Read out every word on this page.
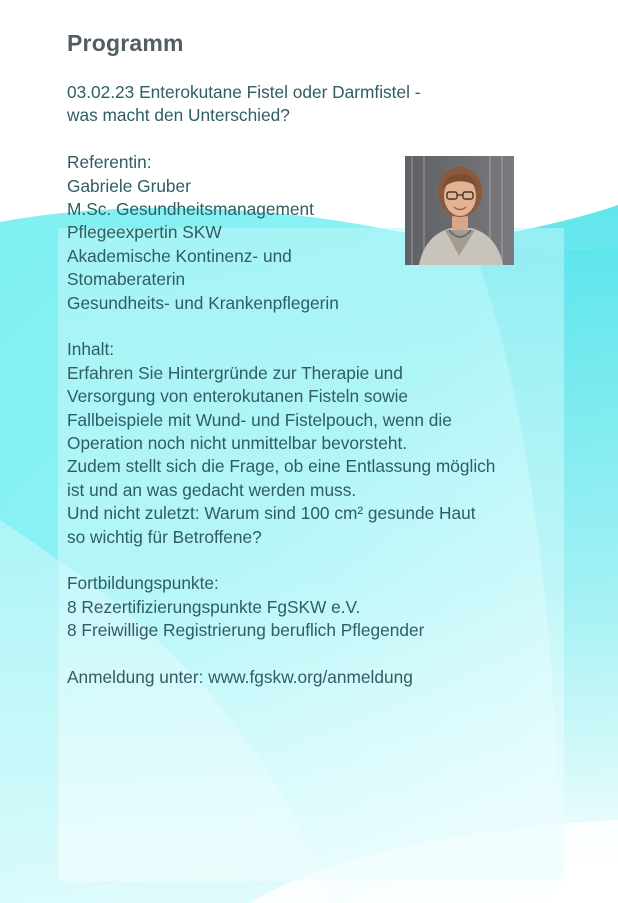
Programm
03.02.23 Enterokutane Fistel oder Darmfistel -
was macht den Unterschied?
Referentin:
Gabriele Gruber
M.Sc. Gesundheitsmanagement
Pflegeexpertin SKW
Akademische Kontinenz- und
Stomaberaterin
Gesundheits- und Krankenpflegerin
Inhalt:
Erfahren Sie Hintergründe zur Therapie und
Versorgung von enterokutanen Fisteln sowie
Fallbeispiele mit Wund- und Fistelpouch, wenn die
Operation noch nicht unmittelbar bevorsteht.
Zudem stellt sich die Frage, ob eine Entlassung möglich
ist und an was gedacht werden muss.
Und nicht zuletzt: Warum sind 100 cm² gesunde Haut
so wichtig für Betroffene?
Fortbildungspunkte:
8 Rezertifizierungspunkte FgSKW e.V.
8 Freiwillige Registrierung beruflich Pflegender
Anmeldung unter: www.fgskw.org/anmeldung
